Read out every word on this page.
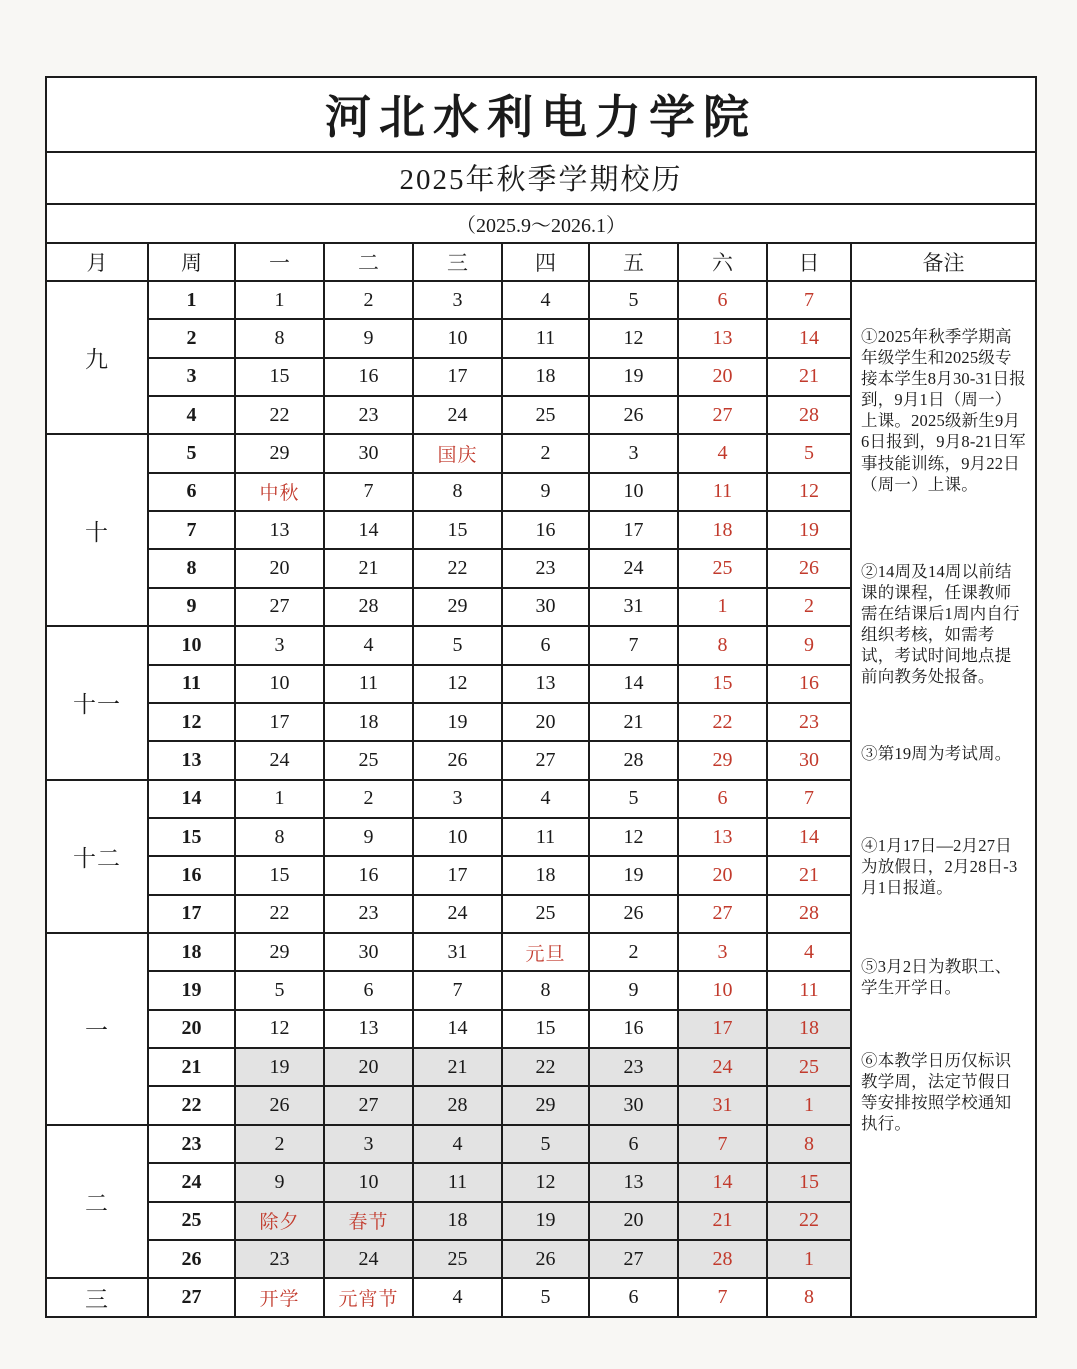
河北水利电力学院									
2025年秋季学期校历									
（2025.9～2026.1）									
月	周	一	二	三	四	五	六	日	备注
九	1	1	2	3	4	5	6	7	
①2025年秋季学期高年级学生和2025级专接本学生8月30-31日报到，9月1日（周一）上课。2025级新生9月6日报到，9月8-21日军事技能训练，9月22日（周一）上课。
②14周及14周以前结课的课程，任课教师需在结课后1周内自行组织考核，如需考试，考试时间地点提前向教务处报备。
③第19周为考试周。
④1月17日—2月27日为放假日，2月28日-3月1日报道。
⑤3月2日为教职工、学生开学日。
⑥本教学日历仅标识教学周，法定节假日等安排按照学校通知执行。

	2	8	9	10	11	12	13	14	
	3	15	16	17	18	19	20	21	
	4	22	23	24	25	26	27	28	
十	5	29	30	国庆	2	3	4	5	
	6	中秋	7	8	9	10	11	12	
	7	13	14	15	16	17	18	19	
	8	20	21	22	23	24	25	26	
	9	27	28	29	30	31	1	2	
十一	10	3	4	5	6	7	8	9	
	11	10	11	12	13	14	15	16	
	12	17	18	19	20	21	22	23	
	13	24	25	26	27	28	29	30	
十二	14	1	2	3	4	5	6	7	
	15	8	9	10	11	12	13	14	
	16	15	16	17	18	19	20	21	
	17	22	23	24	25	26	27	28	
一	18	29	30	31	元旦	2	3	4	
	19	5	6	7	8	9	10	11	
	20	12	13	14	15	16	17	18	
	21	19	20	21	22	23	24	25	
	22	26	27	28	29	30	31	1	
二	23	2	3	4	5	6	7	8	
	24	9	10	11	12	13	14	15	
	25	除夕	春节	18	19	20	21	22	
	26	23	24	25	26	27	28	1	
三	27	开学	元宵节	4	5	6	7	8	
